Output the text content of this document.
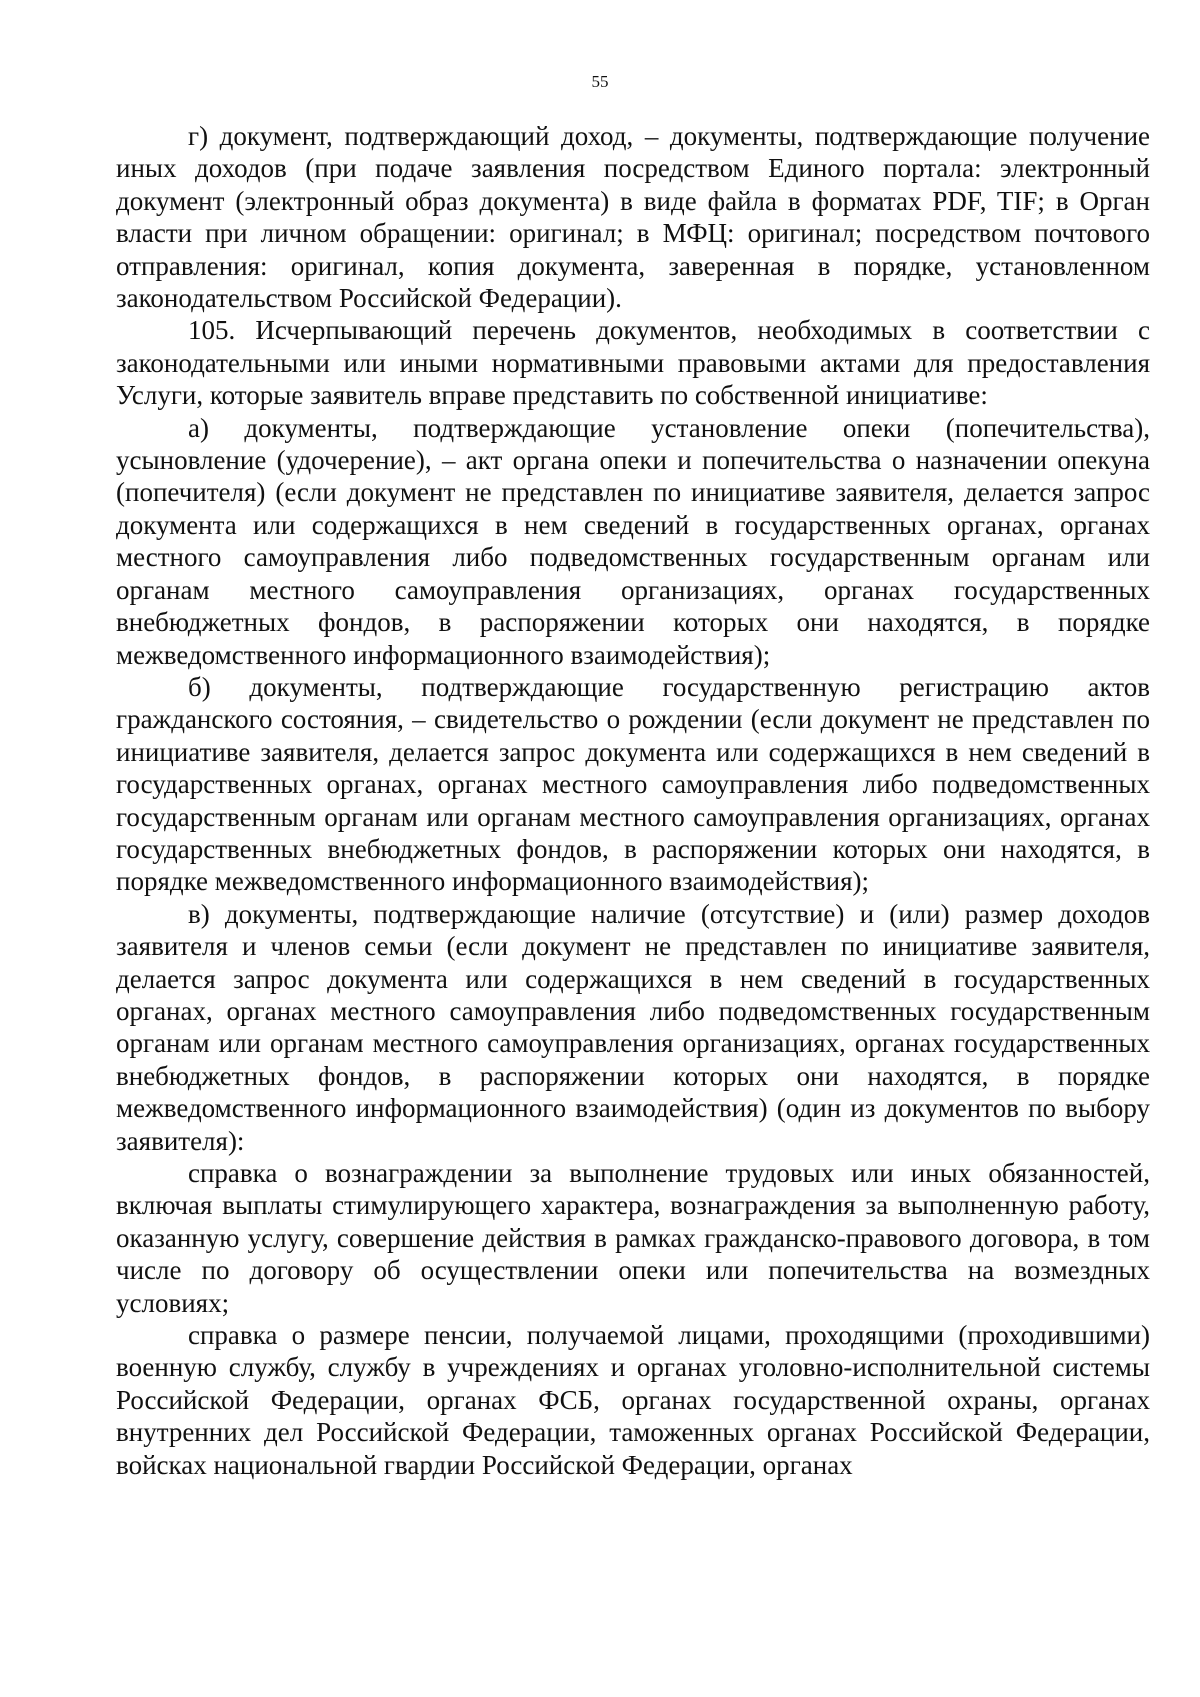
55

г) документ, подтверждающий доход, – документы, подтверждающие получение иных доходов (при подаче заявления посредством Единого портала: электронный документ (электронный образ документа) в виде файла в форматах PDF, TIF; в Орган власти при личном обращении: оригинал; в МФЦ: оригинал; посредством почтового отправления: оригинал, копия документа, заверенная в порядке, установленном законодательством Российской Федерации).

105. Исчерпывающий перечень документов, необходимых в соответствии с законодательными или иными нормативными правовыми актами для предоставления Услуги, которые заявитель вправе представить по собственной инициативе:

а) документы, подтверждающие установление опеки (попечительства), усыновление (удочерение), – акт органа опеки и попечительства о назначении опекуна (попечителя) (если документ не представлен по инициативе заявителя, делается запрос документа или содержащихся в нем сведений в государственных органах, органах местного самоуправления либо подведомственных государственным органам или органам местного самоуправления организациях, органах государственных внебюджетных фондов, в распоряжении которых они находятся, в порядке межведомственного информационного взаимодействия);

б) документы, подтверждающие государственную регистрацию актов гражданского состояния, – свидетельство о рождении (если документ не представлен по инициативе заявителя, делается запрос документа или содержащихся в нем сведений в государственных органах, органах местного самоуправления либо подведомственных государственным органам или органам местного самоуправления организациях, органах государственных внебюджетных фондов, в распоряжении которых они находятся, в порядке межведомственного информационного взаимодействия);

в) документы, подтверждающие наличие (отсутствие) и (или) размер доходов заявителя и членов семьи (если документ не представлен по инициативе заявителя, делается запрос документа или содержащихся в нем сведений в государственных органах, органах местного самоуправления либо подведомственных государственным органам или органам местного самоуправления организациях, органах государственных внебюджетных фондов, в распоряжении которых они находятся, в порядке межведомственного информационного взаимодействия) (один из документов по выбору заявителя):

справка о вознаграждении за выполнение трудовых или иных обязанностей, включая выплаты стимулирующего характера, вознаграждения за выполненную работу, оказанную услугу, совершение действия в рамках гражданско-правового договора, в том числе по договору об осуществлении опеки или попечительства на возмездных условиях;

справка о размере пенсии, получаемой лицами, проходящими (проходившими) военную службу, службу в учреждениях и органах уголовно-исполнительной системы Российской Федерации, органах ФСБ, органах государственной охраны, органах внутренних дел Российской Федерации, таможенных органах Российской Федерации, войсках национальной гвардии Российской Федерации, органах
